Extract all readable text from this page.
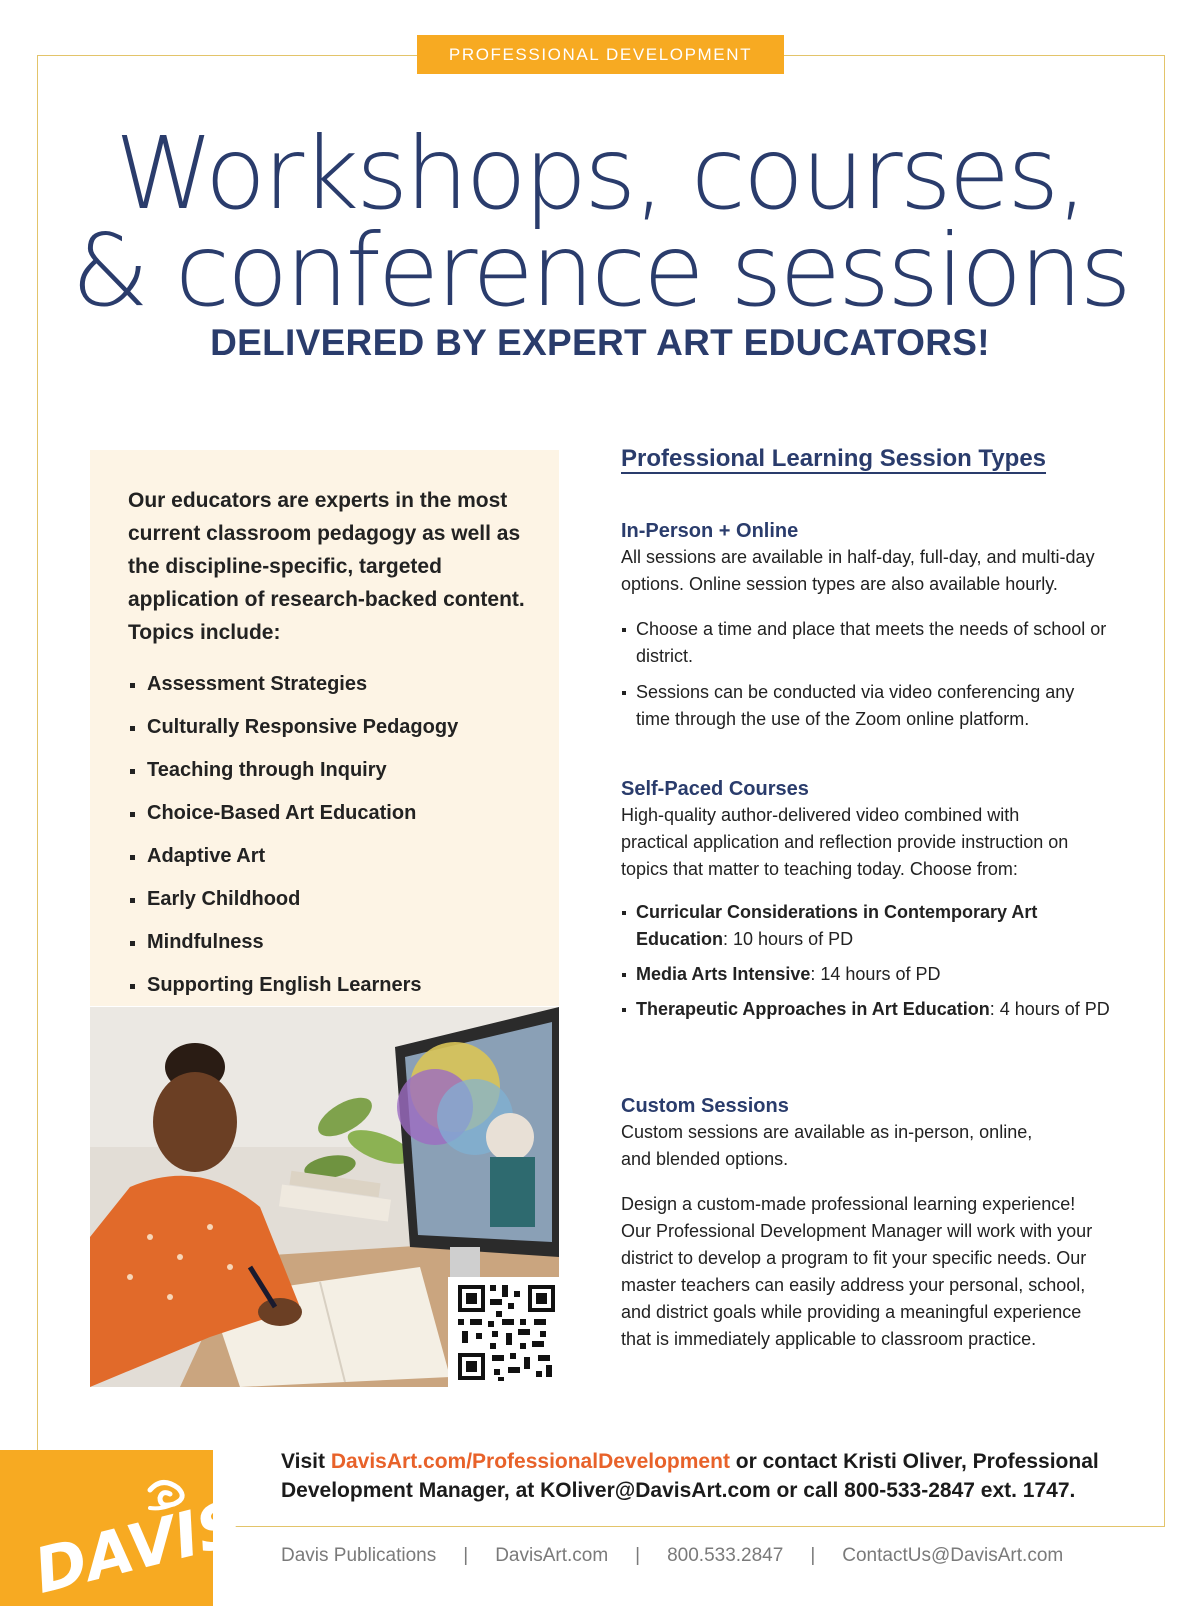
PROFESSIONAL DEVELOPMENT
Workshops, courses,
& conference sessions
DELIVERED BY EXPERT ART EDUCATORS!

Our educators are experts in the most current classroom pedagogy as well as the discipline-specific, targeted application of research-backed content. Topics include:

Assessment Strategies
Culturally Responsive Pedagogy
Teaching through Inquiry
Choice-Based Art Education
Adaptive Art
Early Childhood
Mindfulness
Supporting English Learners
Professional Learning Session Types
In-Person + Online

All sessions are available in half-day, full-day, and multi-day options. Online session types are also available hourly.

Choose a time and place that meets the needs of school or district.
Sessions can be conducted via video conferencing any time through the use of the Zoom online platform.
Self-Paced Courses

High-quality author-delivered video combined with practical application and reflection provide instruction on topics that matter to teaching today. Choose from:

Curricular Considerations in Contemporary Art Education: 10 hours of PD
Media Arts Intensive: 14 hours of PD
Therapeutic Approaches in Art Education: 4 hours of PD
Custom Sessions

Custom sessions are available as in-person, online, and blended options.

Design a custom-made professional learning experience! Our Professional Development Manager will work with your district to develop a program to fit your specific needs. Our master teachers can easily address your personal, school, and district goals while providing a meaningful experience that is immediately applicable to classroom practice.

Visit DavisArt.com/ProfessionalDevelopment or contact Kristi Oliver, Professional Development Manager, at KOliver@DavisArt.com or call 800-533-2847 ext. 1747.

DAVIS Davis Publications | DavisArt.com | 800.533.2847 | ContactUs@DavisArt.com
